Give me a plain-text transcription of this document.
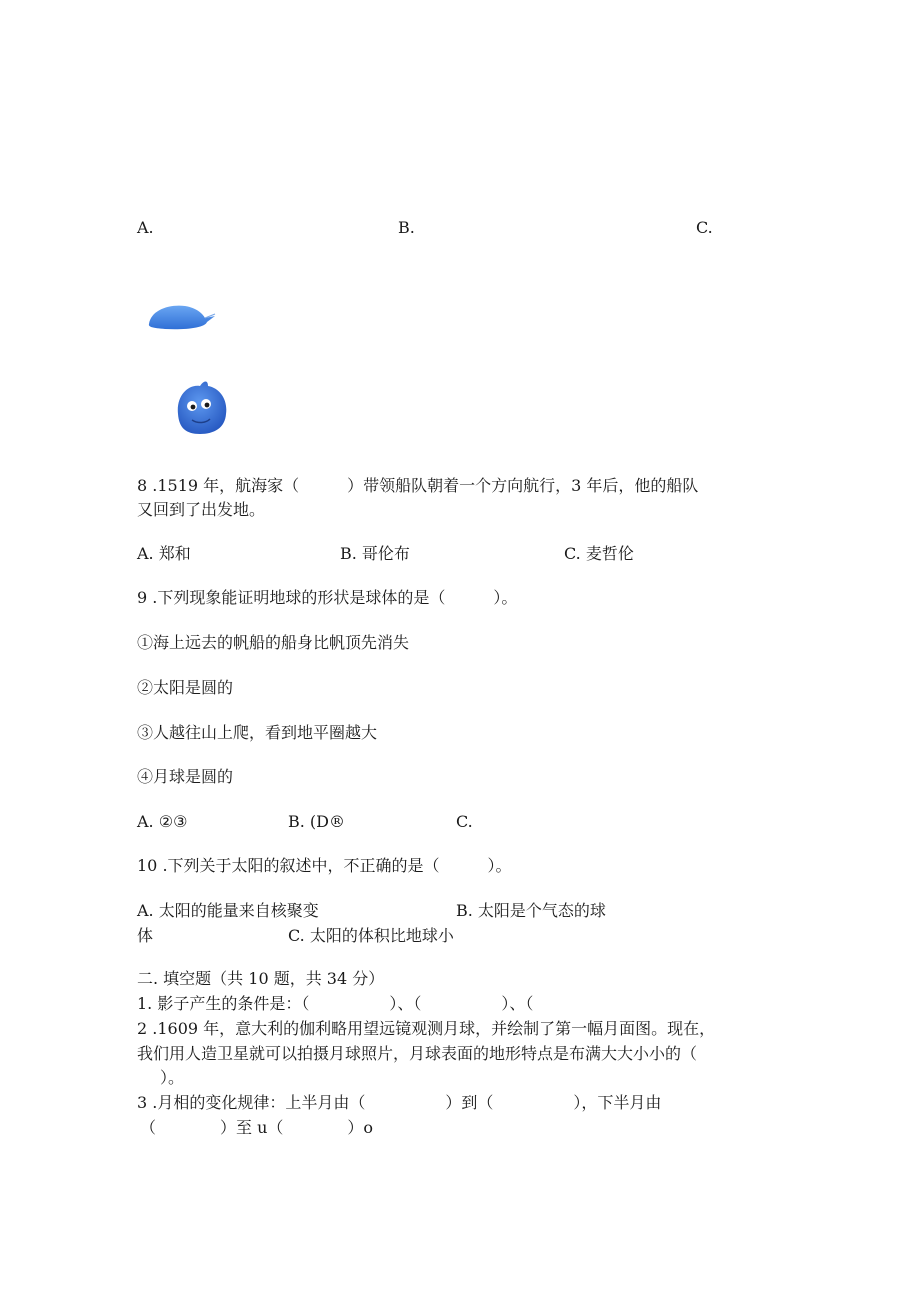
A.	B.	C.
8 .1519 年，航海家（　　　）带领船队朝着一个方向航行，3 年后，他的船队
又回到了出发地。
A. 郑和	B. 哥伦布	C. 麦哲伦
9 .下列现象能证明地球的形状是球体的是（　　　）。
①海上远去的帆船的船身比帆顶先消失
②太阳是圆的
③人越往山上爬，看到地平圈越大
④月球是圆的
A. ②③	B. (D®	C.
10 .下列关于太阳的叙述中，不正确的是（　　　）。
A. 太阳的能量来自核聚变	B. 太阳是个气态的球
体	C. 太阳的体积比地球小
二. 填空题（共 10 题，共 34 分）
1. 影子产生的条件是：（　　　　　）、（　　　　　）、（
2 .1609 年，意大利的伽利略用望远镜观测月球，并绘制了第一幅月面图。现在，
我们用人造卫星就可以拍摄月球照片，月球表面的地形特点是布满大大小小的（
）。
3 .月相的变化规律：上半月由（　　　　　）到（　　　　　），下半月由
（　　　　）至 u（　　　　）o
